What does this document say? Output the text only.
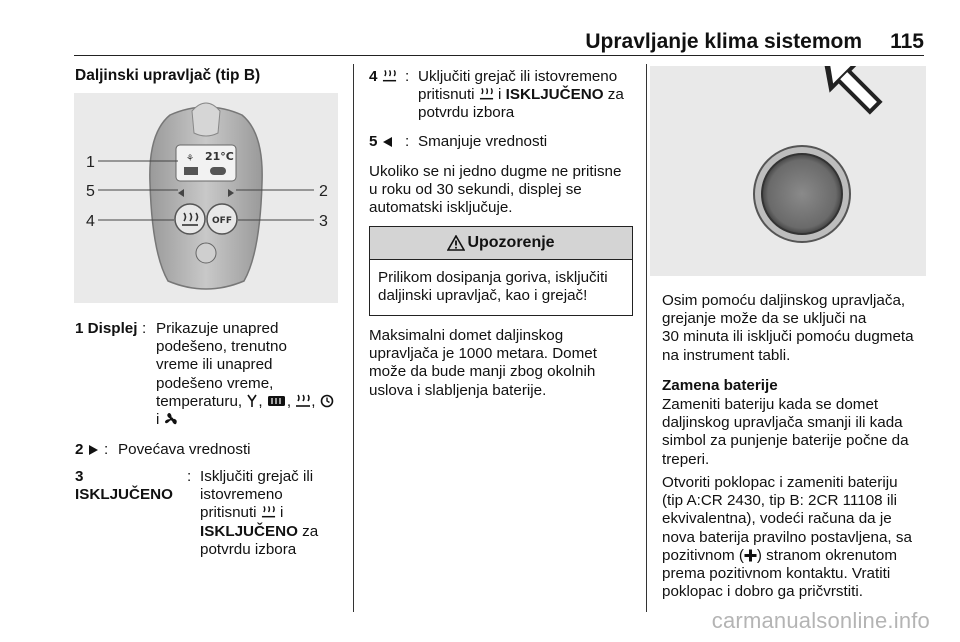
Upravljanje klima sistemom 115
Daljinski upravljač (tip B)
⚘ 21°C
OFF
1
2
3
4
5
1 Displej : Prikazuje unapred
podešeno, trenutno
vreme ili unapred
podešeno vreme,
temperaturu, , , ,
i
2	: Povećava vrednosti
3
ISKLJUČENO
: Isključiti grejač ili
istovremeno
pritisnuti i
ISKLJUČENO za
potvrdu izbora
4	: Uključiti grejač ili istovremeno
pritisnuti i ISKLJUČENO za
potvrdu izbora
5	: Smanjuje vrednosti
Ukoliko se ni jedno dugme ne pritisne
u roku od 30 sekundi, displej se
automatski isključuje.
Upozorenje
Prilikom dosipanja goriva, isključiti
daljinski upravljač, kao i grejač!
Maksimalni domet daljinskog
upravljača je 1000 metara. Domet
može da bude manji zbog okolnih
uslova i slabljenja baterije.
Osim pomoću daljinskog upravljača,
grejanje može da se uključi na
30 minuta ili isključi pomoću dugmeta
na instrument tabli.
Zamena baterije
Zameniti bateriju kada se domet
daljinskog upravljača smanji ili kada
simbol za punjenje baterije počne da
treperi.
Otvoriti poklopac i zameniti bateriju
(tip A:CR 2430, tip B: 2CR 11108 ili
ekvivalentna), vodeći računa da je
nova baterija pravilno postavljena, sa
pozitivnom ( ) stranom okrenutom
prema pozitivnom kontaktu. Vratiti
poklopac i dobro ga pričvrstiti.
carmanualsonline.info
